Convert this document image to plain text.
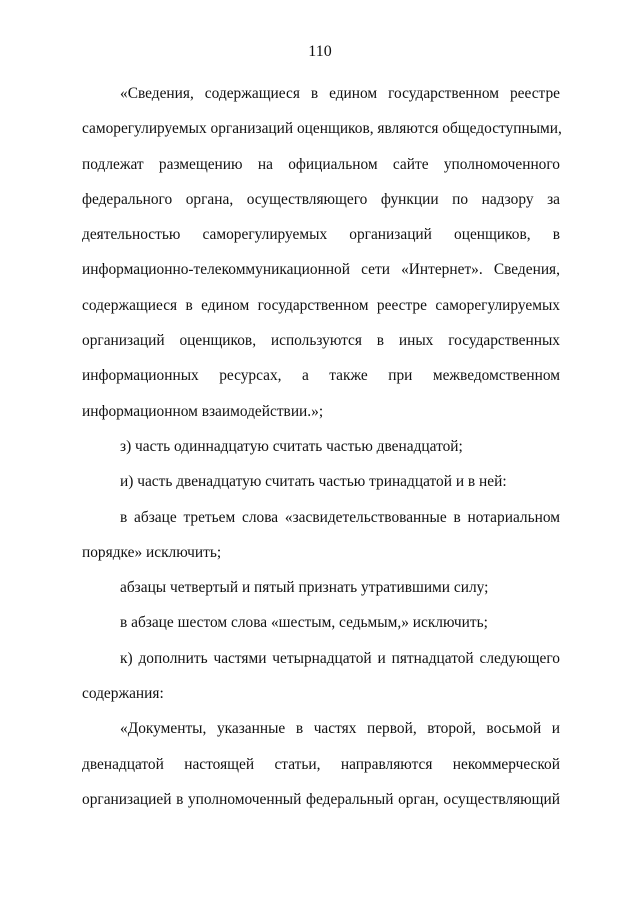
110
«Сведения, содержащиеся в едином государственном реестре
саморегулируемых организаций оценщиков, являются общедоступными,
подлежат размещению на официальном сайте уполномоченного
федерального органа, осуществляющего функции по надзору за
деятельностью саморегулируемых организаций оценщиков, в
информационно-телекоммуникационной сети «Интернет». Сведения,
содержащиеся в едином государственном реестре саморегулируемых
организаций оценщиков, используются в иных государственных
информационных ресурсах, а также при межведомственном
информационном взаимодействии.»;
з) часть одиннадцатую считать частью двенадцатой;
и) часть двенадцатую считать частью тринадцатой и в ней:
в абзаце третьем слова «засвидетельствованные в нотариальном
порядке» исключить;
абзацы четвертый и пятый признать утратившими силу;
в абзаце шестом слова «шестым, седьмым,» исключить;
к) дополнить частями четырнадцатой и пятнадцатой следующего
содержания:
«Документы, указанные в частях первой, второй, восьмой и
двенадцатой настоящей статьи, направляются некоммерческой
организацией в уполномоченный федеральный орган, осуществляющий
